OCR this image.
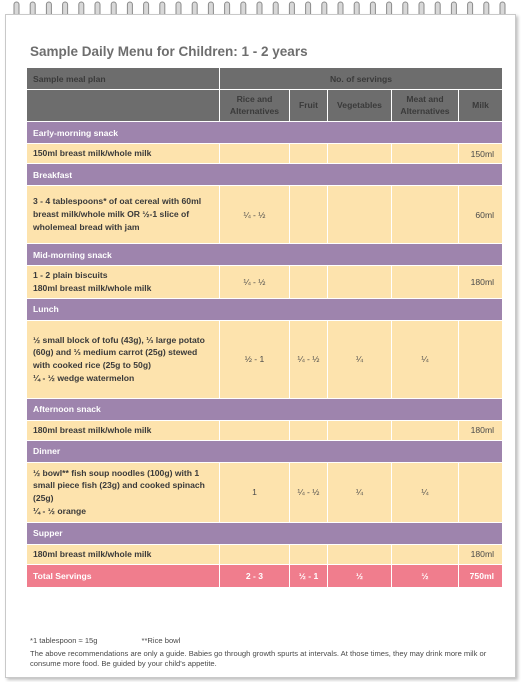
Sample Daily Menu for Children: 1 - 2 years
Sample meal plan	No. of servings				
	Rice and Alternatives	Fruit	Vegetables	Meat and Alternatives	Milk
Early-morning snack					
150ml breast milk/whole milk					150ml
Breakfast					
3 - 4 tablespoons* of oat cereal with 60ml breast milk/whole milk OR ½-1 slice of wholemeal bread with jam	¼ - ½				60ml
Mid-morning snack					
1 - 2 plain biscuits
180ml breast milk/whole milk	¼ - ½				180ml
Lunch					
½ small block of tofu (43g), ⅓ large potato (60g) and ⅓ medium carrot (25g) stewed with cooked rice (25g to 50g)
¼ - ½ wedge watermelon	½ - 1	¼ - ½	¼	¼	
Afternoon snack					
180ml breast milk/whole milk					180ml
Dinner					
½ bowl** fish soup noodles (100g) with 1 small piece fish (23g) and cooked spinach (25g)
¼ - ½ orange	1	¼ - ½	¼	¼	
Supper					
180ml breast milk/whole milk					180ml
Total Servings	2 - 3	½ - 1	½	½	750ml
*1 tablespoon ≈ 15g	**Rice bowl
The above recommendations are only a guide. Babies go through growth spurts at intervals. At those times, they may drink more milk or consume more food. Be guided by your child's appetite.
